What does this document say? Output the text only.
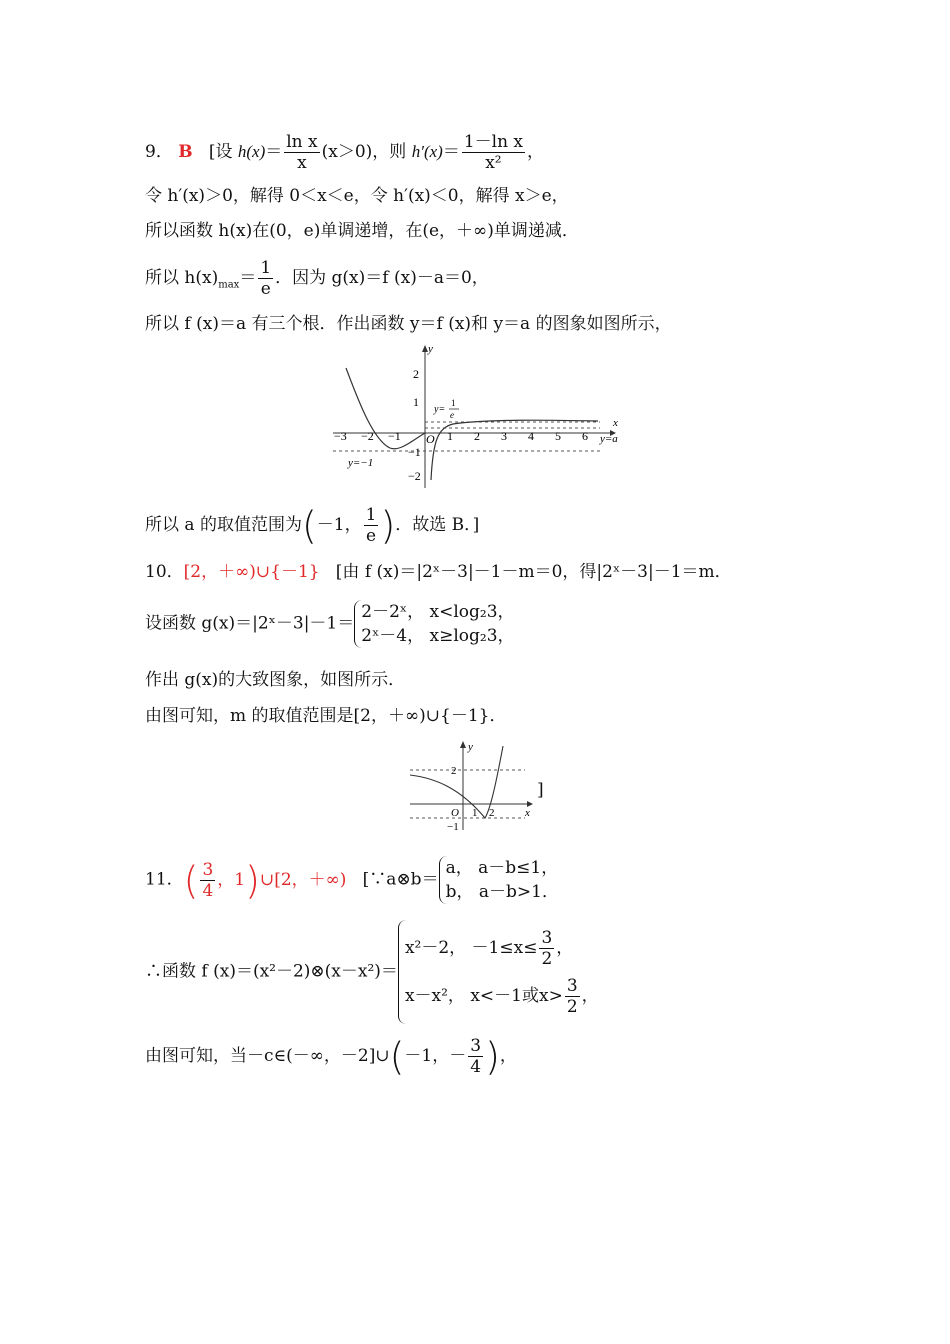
9． B [设 $h(x)= \frac{\text{ln x}}{x} (x>0)$，则 $h'(x)= \frac{\text{1－ln x}}{\text{x²}}$ ，
令 h′(x)＞0，解得 0＜x＜e，令 h′(x)＜0，解得 x＞e，
所以函数 h(x)在(0，e)单调递增，在(e，＋∞)单调递减．
所以 $h(x)_{max}= \frac{1}{e}$ ．因为 g(x)＝f (x)－a＝0，
所以 f (x)＝a 有三个根．作出函数 y＝f (x)和 y＝a 的图象如图所示，
y
x
O
−3 −2 −1	1 2 3 4 5 6
2
1
−1
−2
y=
1
e
y=−1
y=a
所以 a 的取值范围为(－1， $\frac{1}{e}$ )．故选 B．]
10．[2，＋∞)∪{－1} [由 f (x)＝|2ˣ－3|－1－m＝0，得|2ˣ－3|－1＝m．
设函数 g(x)＝|2ˣ－3|－1＝
2－2ˣ， x<log₂3，
2ˣ－4， x≥log₂3，
作出 g(x)的大致图象，如图所示．
由图可知，m 的取值范围是[2，＋∞)∪{－1}．
y
x
2
−1
O 1 2
]
11．( $\frac{3}{4}$ ，1)∪[2，＋∞) [∵a⊗b＝
a， a－b≤1，
b， a－b>1．
∴函数 f (x)＝(x²－2)⊗(x－x²)＝
x²－2， $-1\le x\le \frac{3}{2}$ ，
x－x²， x<－1或$x> \frac{3}{2}$ ，
由图可知，当－c∈(－∞，－2]∪(－1，－ $\frac{3}{4}$ )，
